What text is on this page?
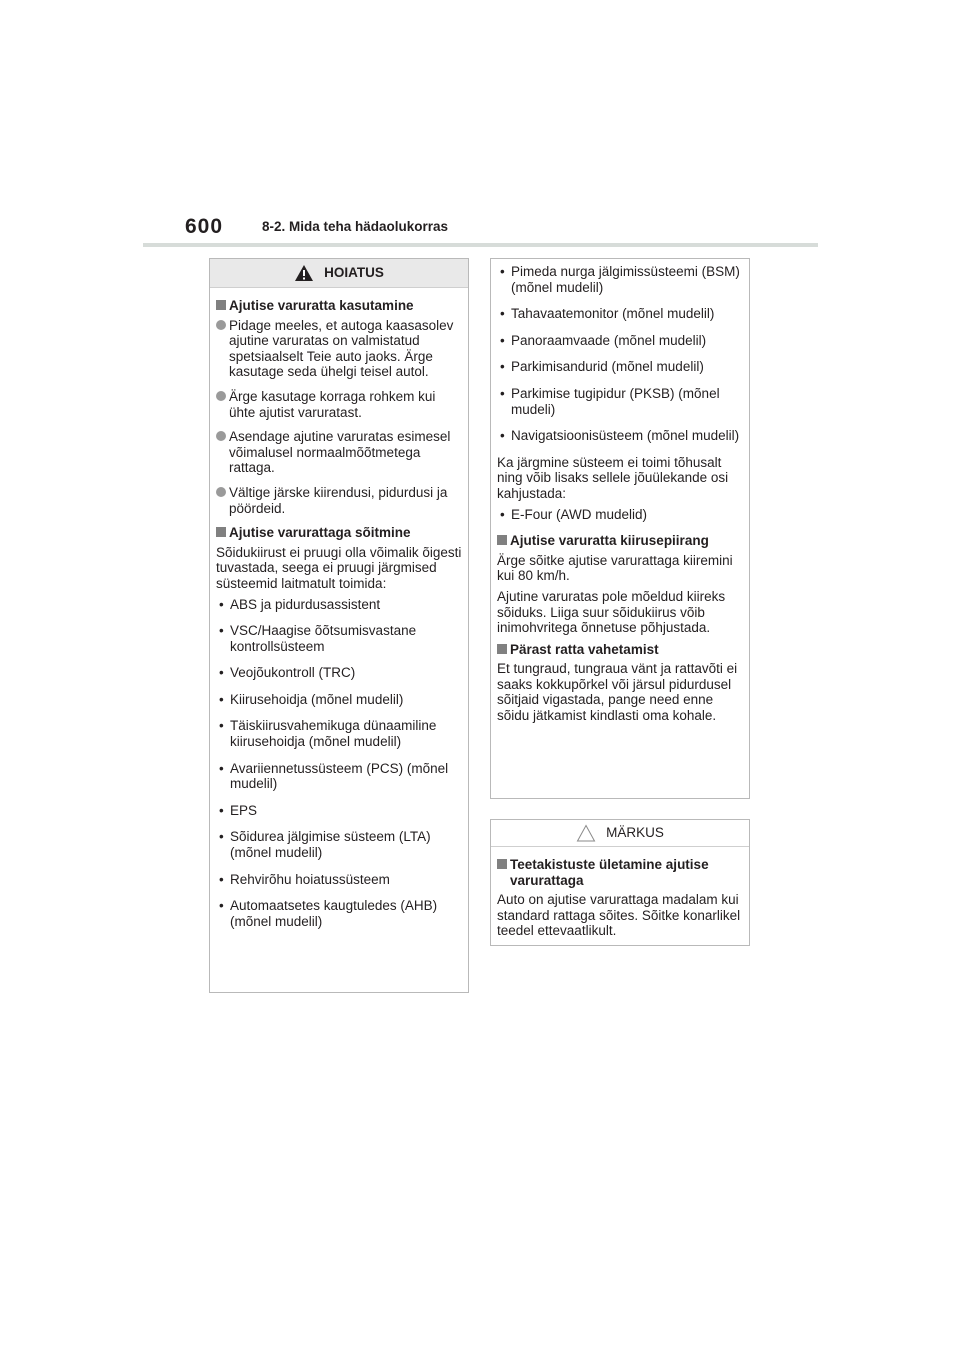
600	8-2. Mida teha hädaolukorras
HOIATUS
Ajutise varuratta kasutamine
Pidage meeles, et autoga kaasasolev ajutine varuratas on valmistatud spetsiaalselt Teie auto jaoks. Ärge kasutage seda ühelgi teisel autol.
Ärge kasutage korraga rohkem kui ühte ajutist varuratast.
Asendage ajutine varuratas esimesel võimalusel normaalmõõtmetega rattaga.
Vältige järske kiirendusi, pidurdusi ja pöördeid.
Ajutise varurattaga sõitmine
Sõidukiirust ei pruugi olla võimalik õigesti tuvastada, seega ei pruugi järgmised süsteemid laitmatult toimida:
• ABS ja pidurdusassistent
• VSC/Haagise õõtsumisvastane kontrollsüsteem
• Veojõukontroll (TRC)
• Kiirusehoidja (mõnel mudelil)
• Täiskiirusvahemikuga dünaamiline kiirusehoidja (mõnel mudelil)
• Avariiennetussüsteem (PCS) (mõnel mudelil)
• EPS
• Sõidurea jälgimise süsteem (LTA) (mõnel mudelil)
• Rehvirõhu hoiatussüsteem
• Automaatsetes kaugtuledes (AHB) (mõnel mudelil)
• Pimeda nurga jälgimissüsteemi (BSM) (mõnel mudelil)
• Tahavaatemonitor (mõnel mudelil)
• Panoraamvaade (mõnel mudelil)
• Parkimisandurid (mõnel mudelil)
• Parkimise tugipidur (PKSB) (mõnel mudeli)
• Navigatsioonisüsteem (mõnel mudelil)
Ka järgmine süsteem ei toimi tõhusalt ning võib lisaks sellele jõuülekande osi kahjustada:
• E-Four (AWD mudelid)
Ajutise varuratta kiirusepiirang
Ärge sõitke ajutise varurattaga kiiremini kui 80 km/h.
Ajutine varuratas pole mõeldud kiireks sõiduks. Liiga suur sõidukiirus võib inimohvritega õnnetuse põhjustada.
Pärast ratta vahetamist
Et tungraud, tungraua vänt ja rattavõti ei saaks kokkupõrkel või järsul pidurdusel sõitjaid vigastada, pange need enne sõidu jätkamist kindlasti oma kohale.
MÄRKUS
Teetakistuste ületamine ajutise varurattaga
Auto on ajutise varurattaga madalam kui standard rattaga sõites. Sõitke konarlikel teedel ettevaatlikult.
